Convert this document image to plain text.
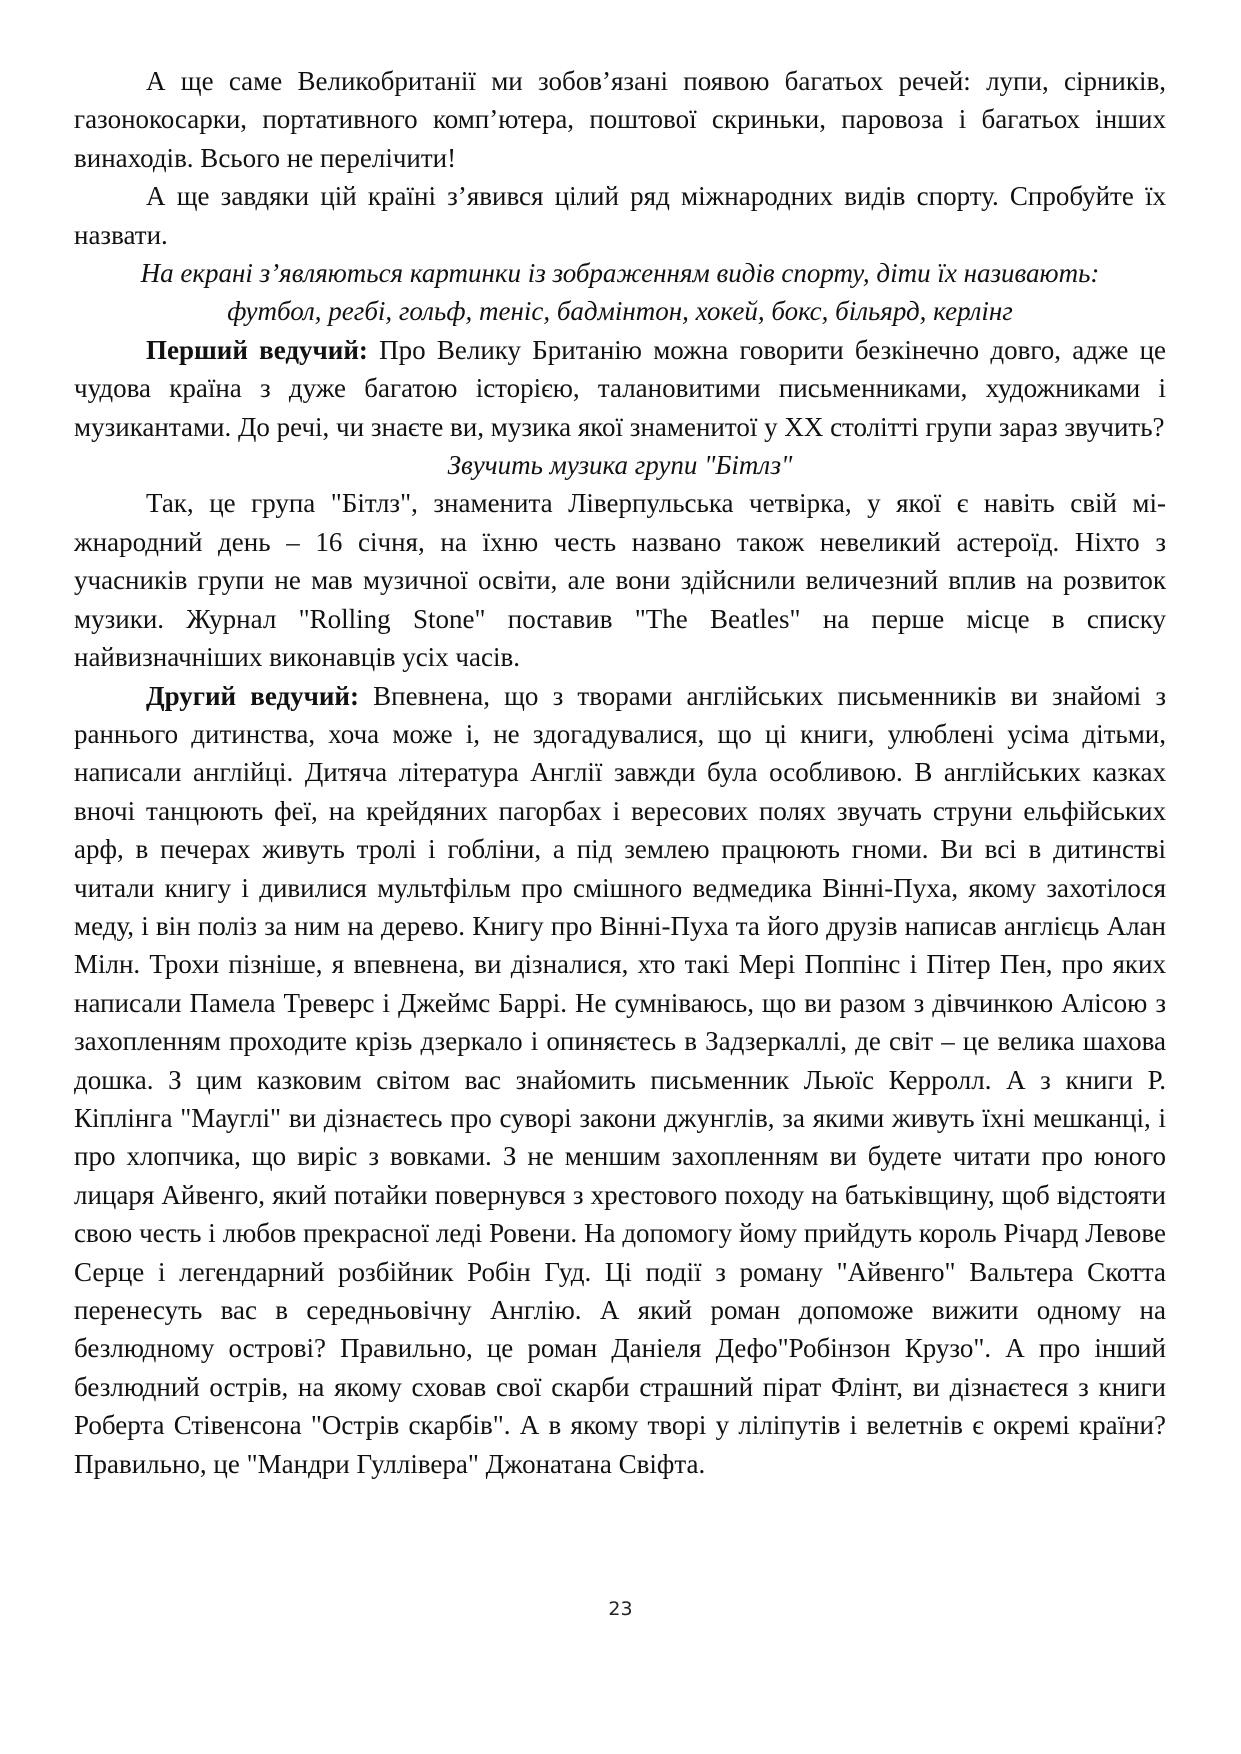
А ще саме Великобританії ми зобов’язані появою багатьох речей: лупи, сірників, газонокосарки, портативного комп’ютера, поштової скриньки, паровоза і багатьох інших винаходів. Всього не перелічити!

А ще завдяки цій країні з’явився цілий ряд міжнародних видів спорту. Спробуйте їх назвати.

На екрані з’являються картинки із зображенням видів спорту, діти їх називають:

футбол, регбі, гольф, теніс, бадмінтон, хокей, бокс, більярд, керлінг

Перший ведучий: Про Велику Британію можна говорити безкінечно довго, адже це чудова країна з дуже багатою історією, талановитими письменниками, художниками і музикантами. До речі, чи знаєте ви, музика якої знаменитої у ХХ столітті групи зараз звучить?

Звучить музика групи "Бітлз"

Так, це група "Бітлз", знаменита Ліверпульська четвірка, у якої є навіть свій міжнародний день – 16 січня, на їхню честь названо також невеликий астероїд. Ніхто з учасників групи не мав музичної освіти, але вони здійснили величезний вплив на розвиток музики. Журнал "Rolling Stone" поставив "The Beatles" на перше місце в списку найвизначніших виконавців усіх часів.

Другий ведучий: Впевнена, що з творами англійських письменників ви знайомі з раннього дитинства, хоча може і, не здогадувалися, що ці книги, улюблені усіма дітьми, написали англійці. Дитяча література Англії завжди була особливою. В англійських казках вночі танцюють феї, на крейдяних пагорбах і вересових полях звучать струни ельфійських арф, в печерах живуть тролі і гобліни, а під землею працюють гноми. Ви всі в дитинстві читали книгу і дивилися мультфільм про смішного ведмедика Вінні-Пуха, якому захотілося меду, і він поліз за ним на дерево. Книгу про Вінні-Пуха та його друзів написав англієць Алан Мілн. Трохи пізніше, я впевнена, ви дізналися, хто такі Мері Поппінс і Пітер Пен, про яких написали Памела Треверс і Джеймс Баррі. Не сумніваюсь, що ви разом з дівчинкою Алісою з захопленням проходите крізь дзеркало і опиняєтесь в Задзеркаллі, де світ – це велика шахова дошка. З цим казковим світом вас знайомить письменник Льюїс Керролл. А з книги Р. Кіплінга "Мауглі" ви дізнаєтесь про суворі закони джунглів, за якими живуть їхні мешканці, і про хлопчика, що виріс з вовками. З не меншим захопленням ви будете читати про юного лицаря Айвенго, який потайки повернувся з хрестового походу на батьківщину, щоб відстояти свою честь і любов прекрасної леді Ровени. На допомогу йому прийдуть король Річард Левове Серце і легендарний розбійник Робін Гуд. Ці події з роману "Айвенго" Вальтера Скотта перенесуть вас в середньовічну Англію. А який роман допоможе вижити одному на безлюдному острові? Правильно, це роман Даніеля Дефо"Робінзон Крузо". А про інший безлюдний острів, на якому сховав свої скарби страшний пірат Флінт, ви дізнаєтеся з книги Роберта Стівенсона "Острів скарбів". А в якому творі у ліліпутів і велетнів є окремі країни? Правильно, це "Мандри Гуллівера" Джонатана Свіфта.

23
